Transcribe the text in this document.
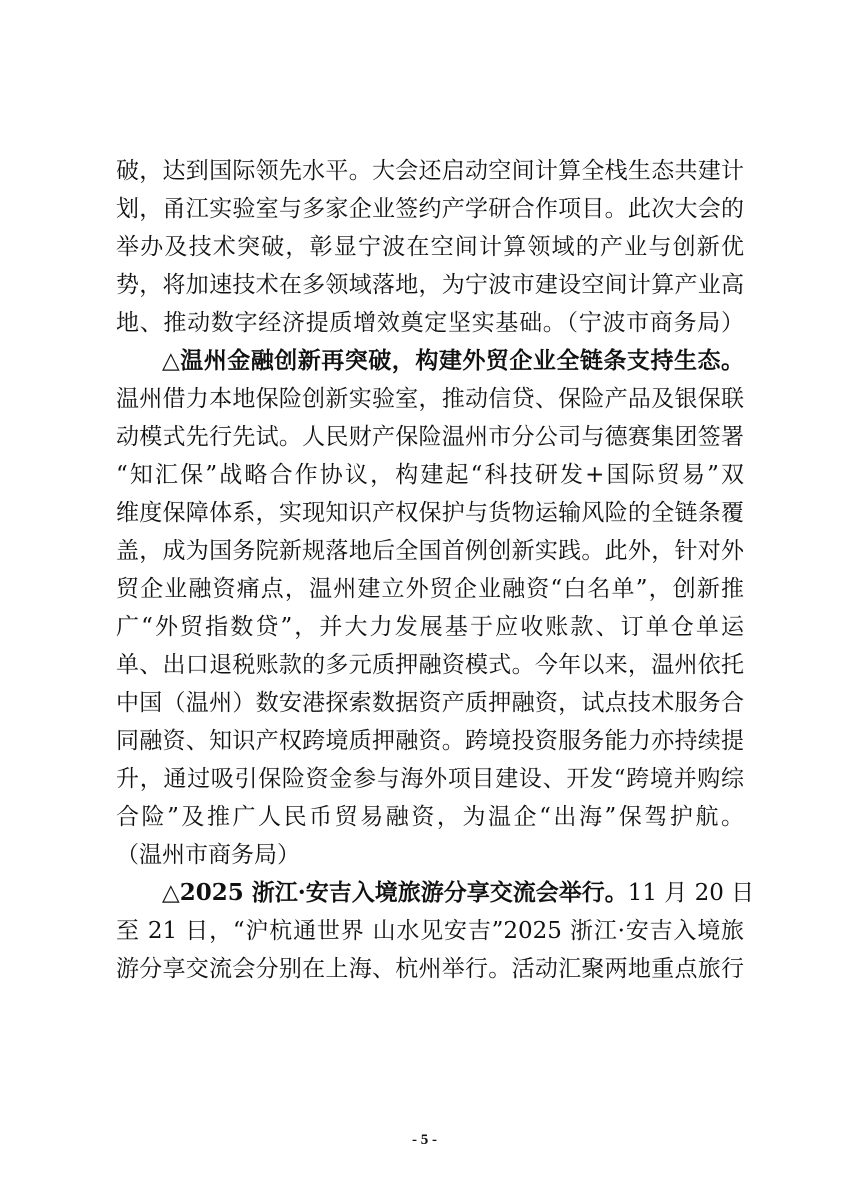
破，达到国际领先水平。大会还启动空间计算全栈生态共建计
划，甬江实验室与多家企业签约产学研合作项目。此次大会的
举办及技术突破，彰显宁波在空间计算领域的产业与创新优
势，将加速技术在多领域落地，为宁波市建设空间计算产业高
地、推动数字经济提质增效奠定坚实基础。（宁波市商务局）
△温州金融创新再突破，构建外贸企业全链条支持生态。
温州借力本地保险创新实验室，推动信贷、保险产品及银保联
动模式先行先试。人民财产保险温州市分公司与德赛集团签署
“知汇保”战略合作协议，构建起“科技研发+国际贸易”双
维度保障体系，实现知识产权保护与货物运输风险的全链条覆
盖，成为国务院新规落地后全国首例创新实践。此外，针对外
贸企业融资痛点，温州建立外贸企业融资“白名单”，创新推
广“外贸指数贷”，并大力发展基于应收账款、订单仓单运
单、出口退税账款的多元质押融资模式。今年以来，温州依托
中国（温州）数安港探索数据资产质押融资，试点技术服务合
同融资、知识产权跨境质押融资。跨境投资服务能力亦持续提
升，通过吸引保险资金参与海外项目建设、开发“跨境并购综
合险”及推广人民币贸易融资，为温企“出海”保驾护航。
（温州市商务局）
△2025 浙江·安吉入境旅游分享交流会举行。11 月 20 日
至 21 日，“沪杭通世界 山水见安吉”2025 浙江·安吉入境旅
游分享交流会分别在上海、杭州举行。活动汇聚两地重点旅行
- 5 -
